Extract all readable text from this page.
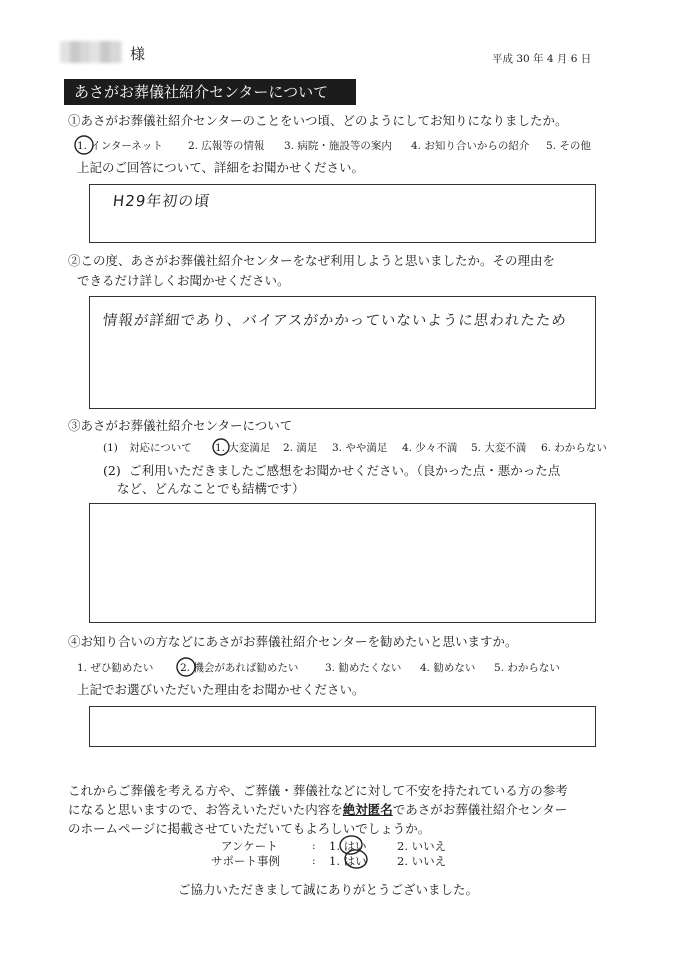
様	平成 30 年 4 月 6 日
あさがお葬儀社紹介センターについて
①あさがお葬儀社紹介センターのことをいつ頃、どのようにしてお知りになりましたか。
1. インターネット 2. 広報等の情報 3. 病院・施設等の案内 4. お知り合いからの紹介 5. その他
上記のご回答について、詳細をお聞かせください。
H29年初の頃
②この度、あさがお葬儀社紹介センターをなぜ利用しようと思いましたか。その理由を
できるだけ詳しくお聞かせください。
情報が詳細であり、バイアスがかかっていないように思われたため
③あさがお葬儀社紹介センターについて
(1) 対応について 1. 大変満足 2. 満足 3. やや満足 4. 少々不満 5. 大変不満 6. わからない
(2) ご利用いただきましたご感想をお聞かせください。（良かった点・悪かった点
など、どんなことでも結構です）
④お知り合いの方などにあさがお葬儀社紹介センターを勧めたいと思いますか。
1. ぜひ勧めたい	2. 機会があれば勧めたい	3. 勧めたくない 4. 勧めない 5. わからない
上記でお選びいただいた理由をお聞かせください。
これからご葬儀を考える方や、ご葬儀・葬儀社などに対して不安を持たれている方の参考
になると思いますので、お答えいただいた内容を絶対匿名であさがお葬儀社紹介センター
のホームページに掲載させていただいてもよろしいでしょうか。
アンケート	: 1. はい	2. いいえ
サポート事例	: 1. はい	2. いいえ
ご協力いただきまして誠にありがとうございました。
